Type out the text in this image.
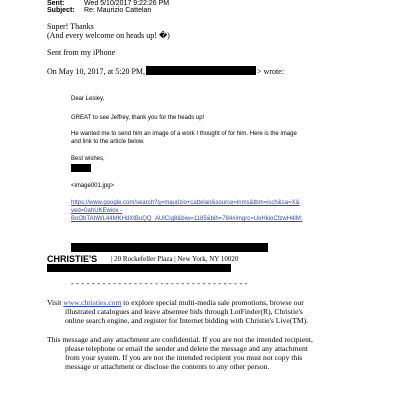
Sent:	Wed 5/10/2017 9:22:26 PM
Subject: Re: Maurizio Cattelan
Super! Thanks
(And every welcome on heads up! �)
Sent from my iPhone
On May 10, 2017, at 5:20 PM,	> wrote:
Dear Lesley,
GREAT to see Jeffrey, thank you for the heads up!
He wanted me to send him an image of a work I thought of for him. Here is the image
and link to the article below.
Best wishes,
<image001.jpg>
https://www.google.com/search?q=maurizio+cattelan&source=lnms&tbm=isch&sa=X&
ved=0ahUKEwiox -
BoObTAhWL44MKHdXtBuQQ_AUICig8&biw=1185&bih=784#imgrc=UoHkioCfzwH4lM:
CHRISTIE'S | 20 Rockefeller Plaza | New York, NY 10020
- - - - - - - - - - - - - - - - - - - - - - - - - - - - - - - - - -
Visit www.christies.com to explore special multi-media sale promotions, browse our
illustrated catalogues and leave absentee bids through LotFinder(R), Christie's
online search engine, and register for Internet bidding with Christie's Live(TM).
This message and any attachment are confidential. If you are not the intended recipient,
please telephone or email the sender and delete the message and any attachment
from your system. If you are not the intended recipient you must not copy this
message or attachment or disclose the contents to any other person.
